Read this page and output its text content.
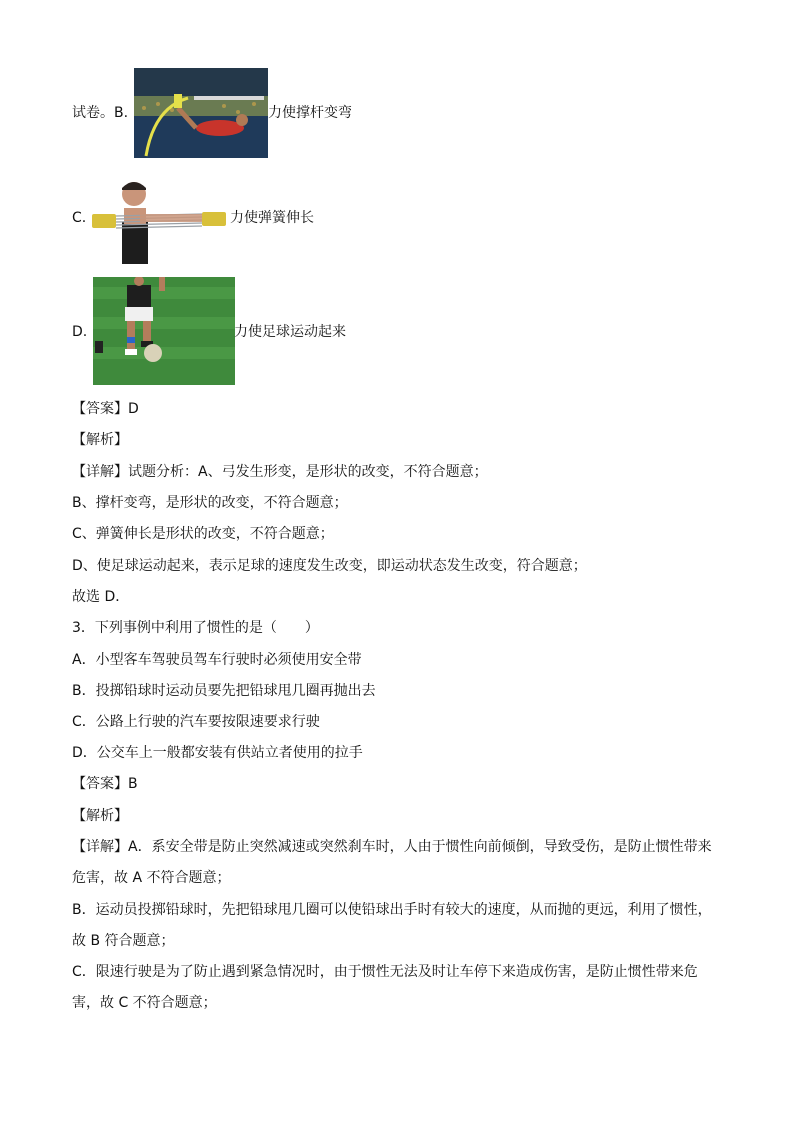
试卷。B.	力使撑杆变弯
C.	力使弹簧伸长
D.	力使足球运动起来
【答案】D
【解析】
【详解】试题分析：A、弓发生形变，是形状的改变，不符合题意；
B、撑杆变弯，是形状的改变，不符合题意；
C、弹簧伸长是形状的改变，不符合题意；
D、使足球运动起来，表示足球的速度发生改变，即运动状态发生改变，符合题意；
故选 D．
3．下列事例中利用了惯性的是（　　）
A．小型客车驾驶员驾车行驶时必须使用安全带
B．投掷铅球时运动员要先把铅球甩几圈再抛出去
C．公路上行驶的汽车要按限速要求行驶
D．公交车上一般都安装有供站立者使用的拉手
【答案】B
【解析】
【详解】A．系安全带是防止突然减速或突然刹车时，人由于惯性向前倾倒，导致受伤，是防止惯性带来
危害，故 A 不符合题意；
B．运动员投掷铅球时，先把铅球甩几圈可以使铅球出手时有较大的速度，从而抛的更远，利用了惯性，
故 B 符合题意；
C．限速行驶是为了防止遇到紧急情况时，由于惯性无法及时让车停下来造成伤害，是防止惯性带来危
害，故 C 不符合题意；
